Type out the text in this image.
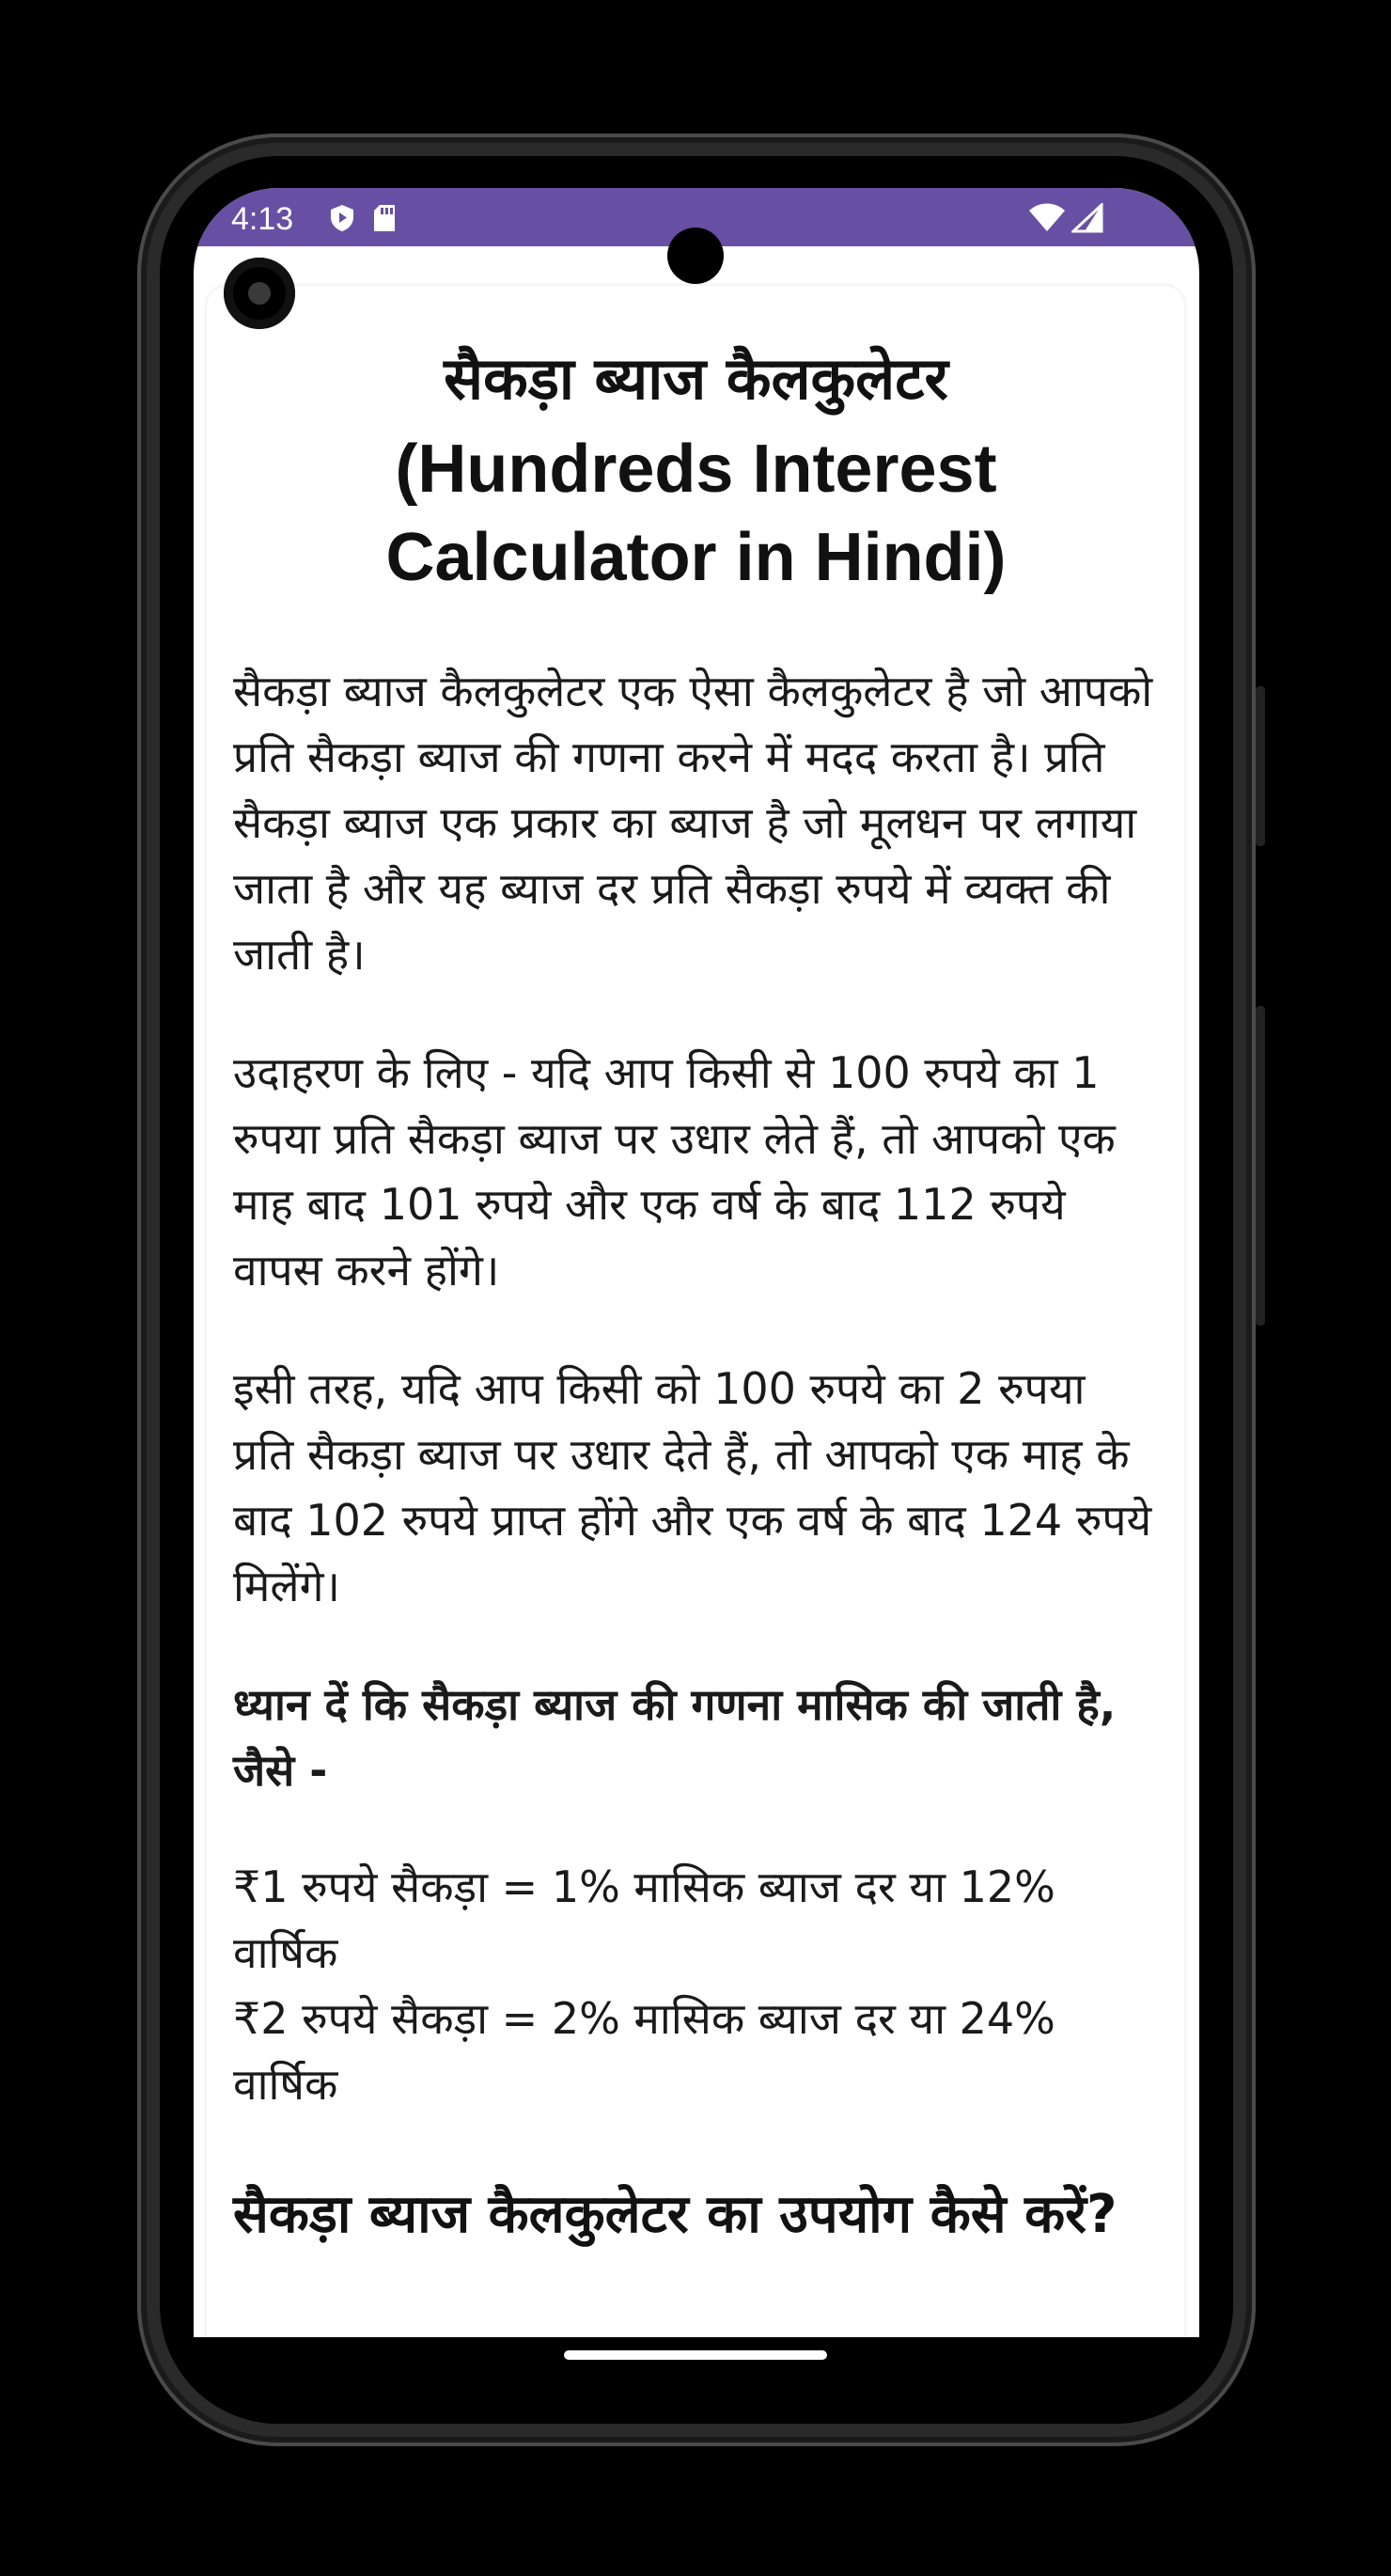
4:13
सैकड़ा ब्याज कैलकुलेटर
(Hundreds Interest Calculator in Hindi)

सैकड़ा ब्याज कैलकुलेटर एक ऐसा कैलकुलेटर है जो आपको प्रति सैकड़ा ब्याज की गणना करने में मदद करता है। प्रति सैकड़ा ब्याज एक प्रकार का ब्याज है जो मूलधन पर लगाया जाता है और यह ब्याज दर प्रति सैकड़ा रुपये में व्यक्त की जाती है।

उदाहरण के लिए - यदि आप किसी से 100 रुपये का 1 रुपया प्रति सैकड़ा ब्याज पर उधार लेते हैं, तो आपको एक माह बाद 101 रुपये और एक वर्ष के बाद 112 रुपये वापस करने होंगे।

इसी तरह, यदि आप किसी को 100 रुपये का 2 रुपया प्रति सैकड़ा ब्याज पर उधार देते हैं, तो आपको एक माह के बाद 102 रुपये प्राप्त होंगे और एक वर्ष के बाद 124 रुपये मिलेंगे।

ध्यान दें कि सैकड़ा ब्याज की गणना मासिक की जाती है, जैसे -

₹1 रुपये सैकड़ा = 1% मासिक ब्याज दर या 12% वार्षिक
₹2 रुपये सैकड़ा = 2% मासिक ब्याज दर या 24% वार्षिक

सैकड़ा ब्याज कैलकुलेटर का उपयोग कैसे करें?
